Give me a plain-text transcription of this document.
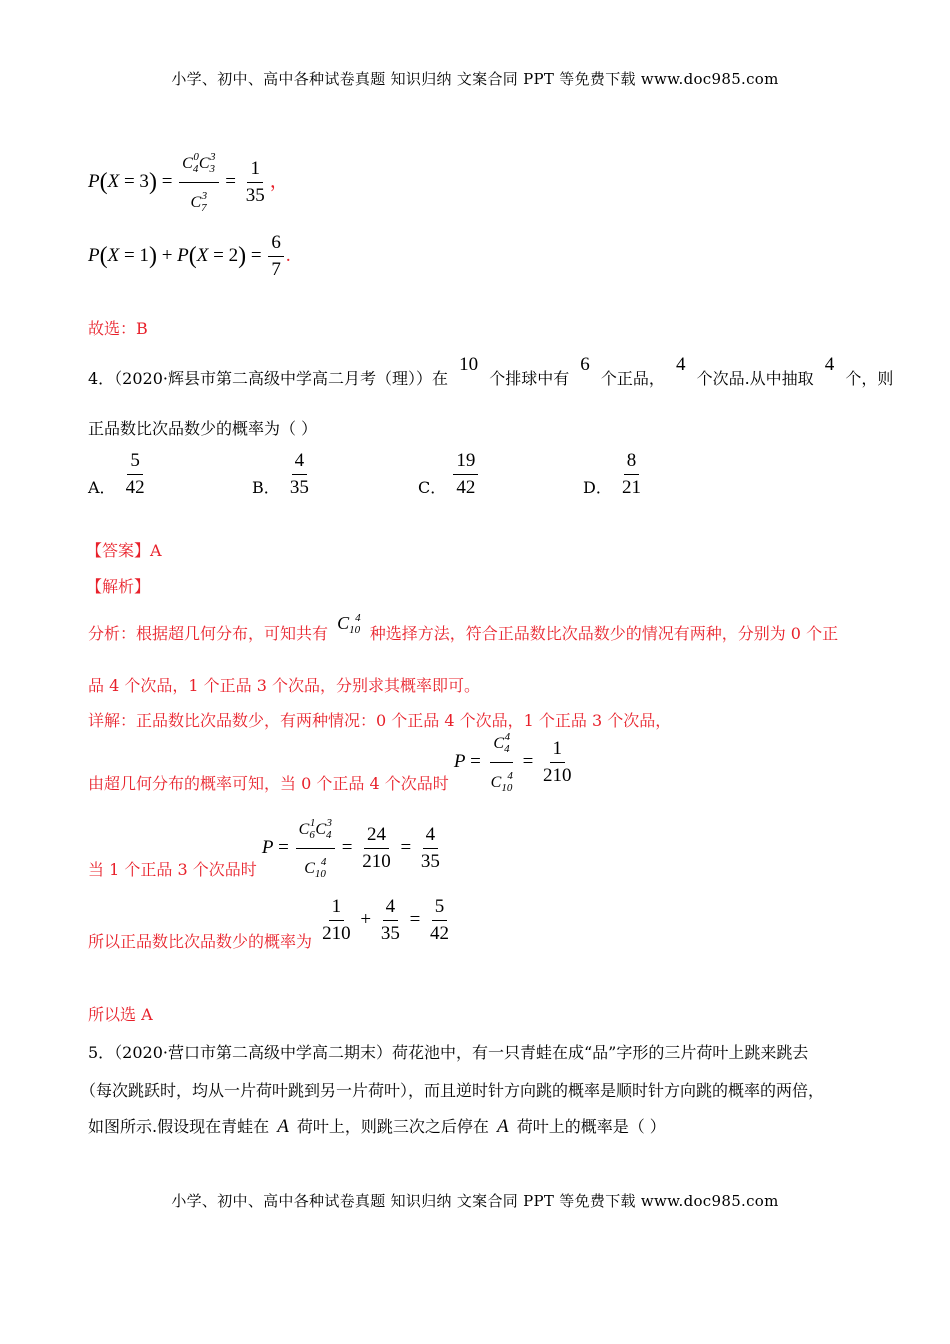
小学、初中、高中各种试卷真题 知识归纳 文案合同 PPT 等免费下载 www.doc985.com
$P(X = 3) = \frac{C_4^0C_3^3}{C_7^3} = \frac{1}{35}$ ，
$P(X = 1) + P(X = 2) = \frac{6}{7}$ .
故选：B
4．（2020·辉县市第二高级中学高二月考（理））在 10 个排球中有 6 个正品， 4 个次品.从中抽取 4 个，则
正品数比次品数少的概率为（ ）
A． $\frac{5}{42}$	B． $\frac{4}{35}$	C． $\frac{19}{42}$	D． $\frac{8}{21}$
【答案】A
【解析】
分析：根据超几何分布，可知共有 $C_{10}^4$ 种选择方法，符合正品数比次品数少的情况有两种，分别为 0 个正
品 4 个次品，1 个正品 3 个次品，分别求其概率即可。
详解：正品数比次品数少，有两种情况：0 个正品 4 个次品，1 个正品 3 个次品，
由超几何分布的概率可知，当 0 个正品 4 个次品时 $P = \frac{C_4^4}{C_{10}^4} = \frac{1}{210}$
当 1 个正品 3 个次品时 $P = \frac{C_6^1C_4^3}{C_{10}^4} = \frac{24}{210} = \frac{4}{35}$
所以正品数比次品数少的概率为 $\frac{1}{210} + \frac{4}{35} = \frac{5}{42}$
所以选 A
5．（2020·营口市第二高级中学高二期末）荷花池中，有一只青蛙在成“品”字形的三片荷叶上跳来跳去
（每次跳跃时，均从一片荷叶跳到另一片荷叶），而且逆时针方向跳的概率是顺时针方向跳的概率的两倍，
如图所示.假设现在青蛙在 A 荷叶上，则跳三次之后停在 A 荷叶上的概率是（ ）
小学、初中、高中各种试卷真题 知识归纳 文案合同 PPT 等免费下载 www.doc985.com
